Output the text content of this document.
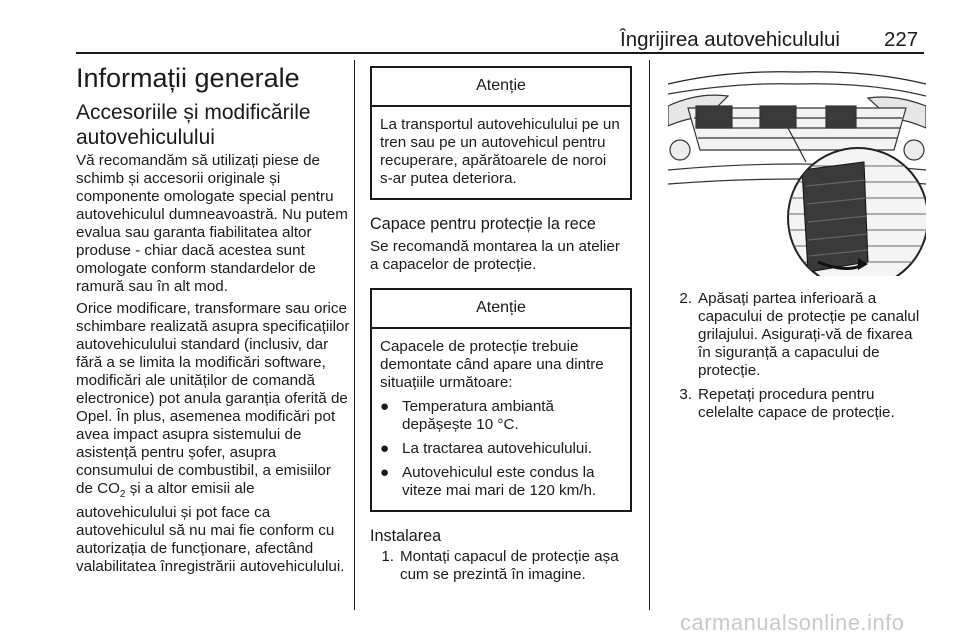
Îngrijirea autovehiculului 227
Informații generale
Accesoriile și modificările autovehiculului

Vă recomandăm să utilizați piese de schimb și accesorii originale și componente omologate special pentru autovehiculul dumneavoastră. Nu putem evalua sau garanta fiabilitatea altor produse - chiar dacă acestea sunt omologate conform standardelor de ramură sau în alt mod.

Orice modificare, transformare sau orice schimbare realizată asupra specificațiilor autovehiculului standard (inclusiv, dar fără a se limita la modificări software, modificări ale unităților de comandă electronice) pot anula garanția oferită de Opel. În plus, asemenea modificări pot avea impact asupra sistemului de asistență pentru șofer, asupra consumului de combustibil, a emisiilor de $CO_2$ și a altor emisii ale autovehiculului și pot face ca autovehiculul să nu mai fie conform cu autorizația de funcționare, afectând valabilitatea înregistrării autovehiculului.

Atenție
La transportul autovehiculului pe un tren sau pe un autovehicul pentru recuperare, apărătoarele de noroi s-ar putea deteriora.
Capace pentru protecție la rece

Se recomandă montarea la un atelier a capacelor de protecție.

Atenție
Capacele de protecție trebuie demontate când apare una dintre situațiile următoare:
● Temperatura ambiantă depășește 10 °C.
● La tractarea autovehiculului.
● Autovehiculul este condus la viteze mai mari de 120 km/h.
Instalarea
1. Montați capacul de protecție așa cum se prezintă în imagine.
2. Apăsați partea inferioară a capacului de protecție pe canalul grilajului. Asigurați-vă de fixarea în siguranță a capacului de protecție.
3. Repetați procedura pentru celelalte capace de protecție.
carmanualsonline.info
